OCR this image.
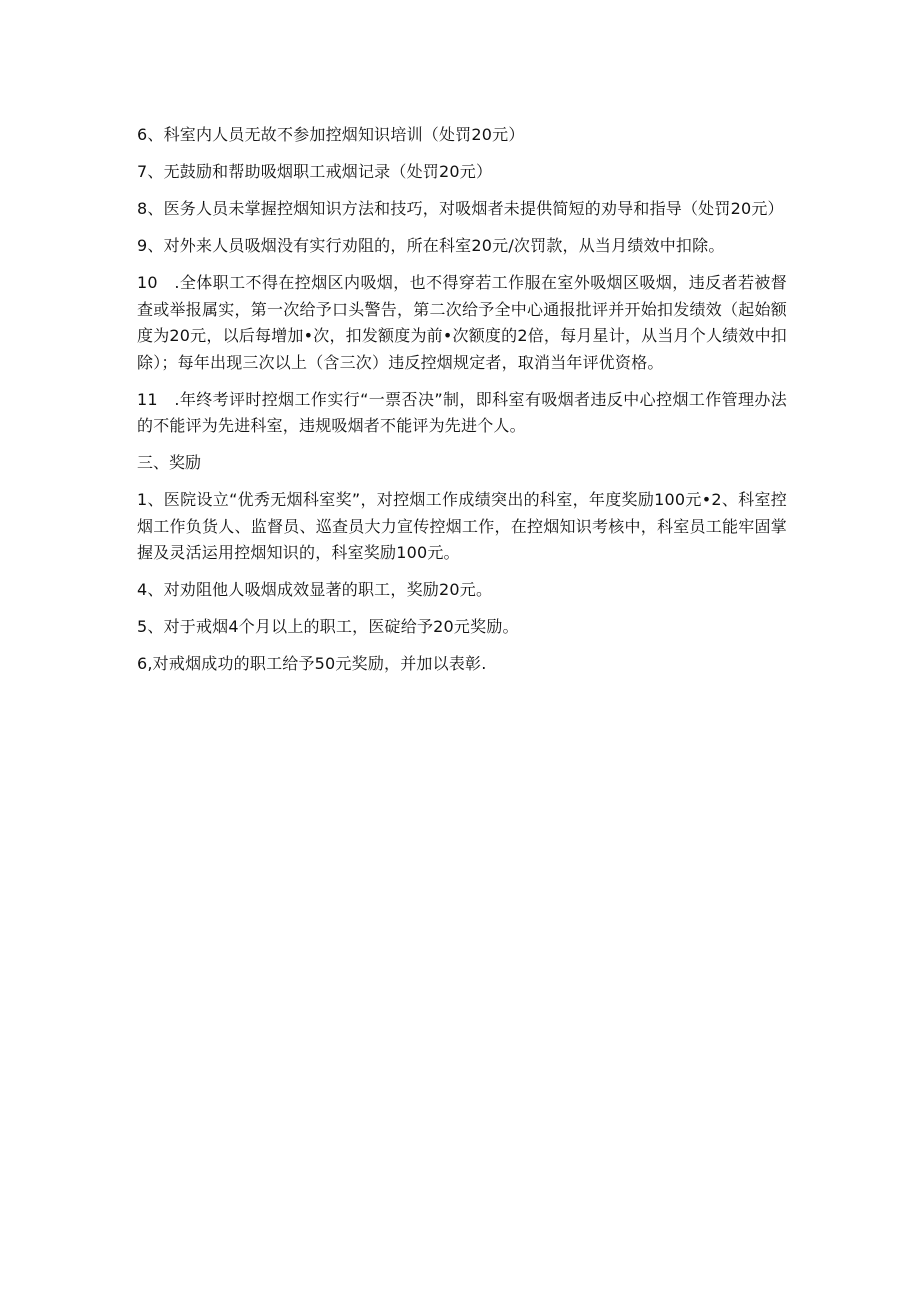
6、科室内人员无故不参加控烟知识培训（处罚20元）

7、无鼓励和帮助吸烟职工戒烟记录（处罚20元）

8、医务人员未掌握控烟知识方法和技巧，对吸烟者未提供简短的劝导和指导（处罚20元）

9、对外来人员吸烟没有实行劝阻的，所在科室20元/次罚款，从当月绩效中扣除。

10　.全体职工不得在控烟区内吸烟，也不得穿若工作服在室外吸烟区吸烟，违反者若被督查或举报属实，第一次给予口头警告，第二次给予全中心通报批评并开始扣发绩效（起始额度为20元，以后每增加•次，扣发额度为前•次额度的2倍，每月星计，从当月个人绩效中扣除）；每年出现三次以上（含三次）违反控烟规定者，取消当年评优资格。

11　.年终考评时控烟工作实行“一票否决”制，即科室有吸烟者违反中心控烟工作管理办法的不能评为先进科室，违规吸烟者不能评为先进个人。

三、奖励

1、医院设立“优秀无烟科室奖”，对控烟工作成绩突出的科室，年度奖励100元•2、科室控烟工作负货人、监督员、巡查员大力宣传控烟工作，在控烟知识考核中，科室员工能牢固掌握及灵活运用控烟知识的，科室奖励100元。

4、对劝阻他人吸烟成效显著的职工，奖励20元。

5、对于戒烟4个月以上的职工，医碇给予20元奖励。

6,对戒烟成功的职工给予50元奖励，并加以表彰.
